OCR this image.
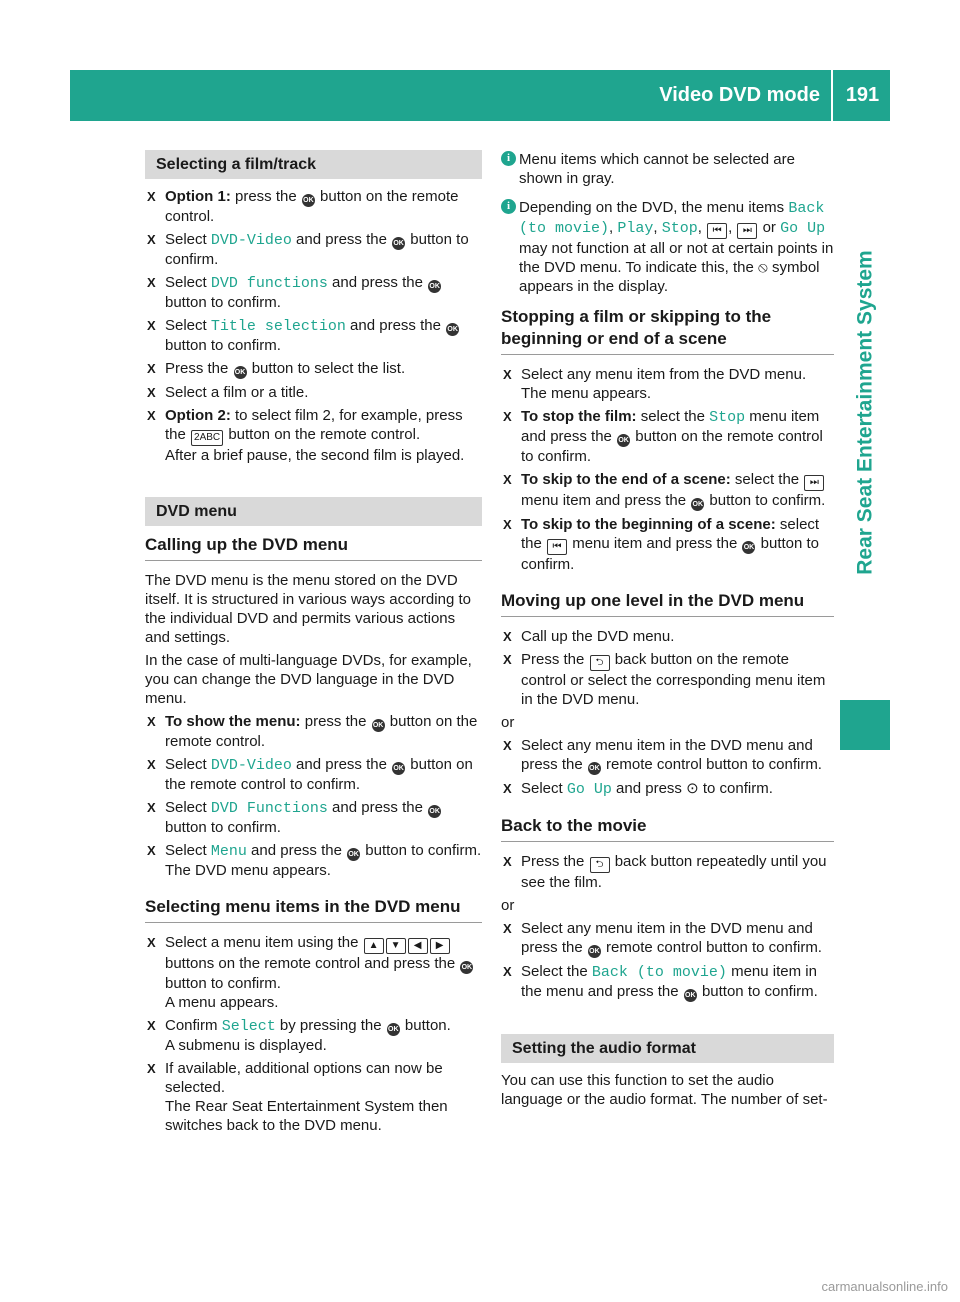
Video DVD mode	191
Rear Seat Entertainment System
Selecting a film/track
X Option 1: press the OK button on the remote control.
X Select DVD-Video and press the OK button to confirm.
X Select DVD functions and press the OK button to confirm.
X Select Title selection and press the OK button to confirm.
X Press the OK button to select the list.
X Select a film or a title.
X Option 2: to select film 2, for example, press the 2ABC button on the remote control.
After a brief pause, the second film is played.
DVD menu
Calling up the DVD menu

The DVD menu is the menu stored on the DVD itself. It is structured in various ways according to the individual DVD and permits various actions and settings.

In the case of multi-language DVDs, for example, you can change the DVD language in the DVD menu.

X To show the menu: press the OK button on the remote control.
X Select DVD-Video and press the OK button on the remote control to confirm.
X Select DVD Functions and press the OK button to confirm.
X Select Menu and press the OK button to confirm.
The DVD menu appears.
Selecting menu items in the DVD menu
X Select a menu item using the ▲ ▼ ◀ ▶ buttons on the remote control and press the OK button to confirm.
A menu appears.
X Confirm Select by pressing the OK button.
A submenu is displayed.
X If available, additional options can now be selected.
The Rear Seat Entertainment System then switches back to the DVD menu.
i Menu items which cannot be selected are shown in gray.
i Depending on the DVD, the menu items Back (to movie), Play, Stop, ⏮ , ⏭ or Go Up may not function at all or not at certain points in the DVD menu. To indicate this, the ⦸ symbol appears in the display.
Stopping a film or skipping to the beginning or end of a scene
X Select any menu item from the DVD menu.
The menu appears.
X To stop the film: select the Stop menu item and press the OK button on the remote control to confirm.
X To skip to the end of a scene: select the ⏭ menu item and press the OK button to confirm.
X To skip to the beginning of a scene: select the ⏮ menu item and press the OK button to confirm.
Moving up one level in the DVD menu
X Call up the DVD menu.
X Press the ⮌ back button on the remote control or select the corresponding menu item in the DVD menu.
or
X Select any menu item in the DVD menu and press the OK remote control button to confirm.
X Select Go Up and press ⊙ to confirm.
Back to the movie
X Press the ⮌ back button repeatedly until you see the film.
or
X Select any menu item in the DVD menu and press the OK remote control button to confirm.
X Select the Back (to movie) menu item in the menu and press the OK button to confirm.
Setting the audio format

You can use this function to set the audio language or the audio format. The number of set-

carmanualsonline.info
